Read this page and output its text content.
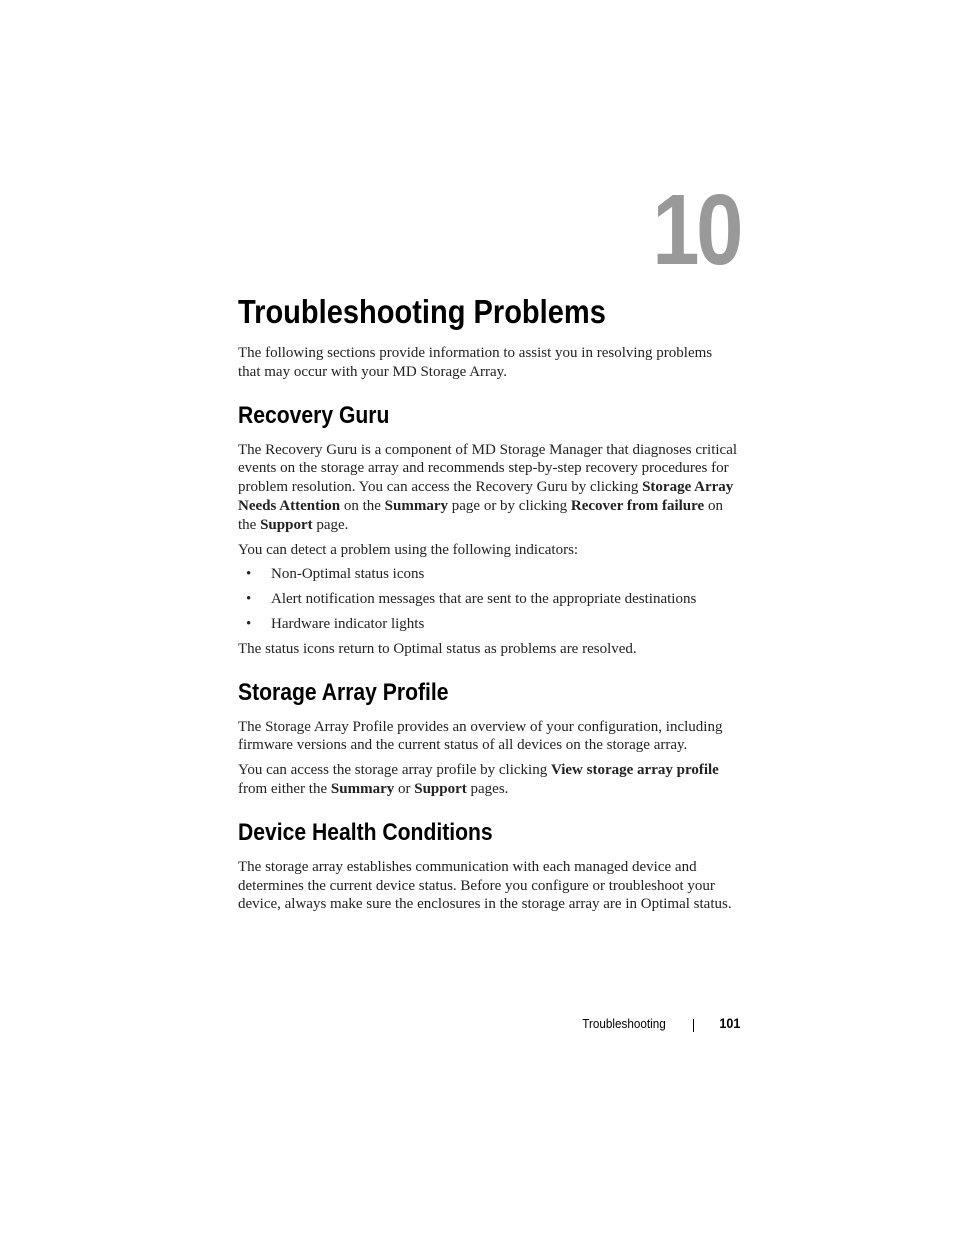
10
Troubleshooting Problems

The following sections provide information to assist you in resolving problems that may occur with your MD Storage Array.

Recovery Guru

The Recovery Guru is a component of MD Storage Manager that diagnoses critical events on the storage array and recommends step-by-step recovery procedures for problem resolution. You can access the Recovery Guru by clicking Storage Array Needs Attention on the Summary page or by clicking Recover from failure on the Support page.

You can detect a problem using the following indicators:

• Non-Optimal status icons
• Alert notification messages that are sent to the appropriate destinations
• Hardware indicator lights

The status icons return to Optimal status as problems are resolved.

Storage Array Profile

The Storage Array Profile provides an overview of your configuration, including firmware versions and the current status of all devices on the storage array.

You can access the storage array profile by clicking View storage array profile from either the Summary or Support pages.

Device Health Conditions

The storage array establishes communication with each managed device and determines the current device status. Before you configure or troubleshoot your device, always make sure the enclosures in the storage array are in Optimal status.

Troubleshooting	101
